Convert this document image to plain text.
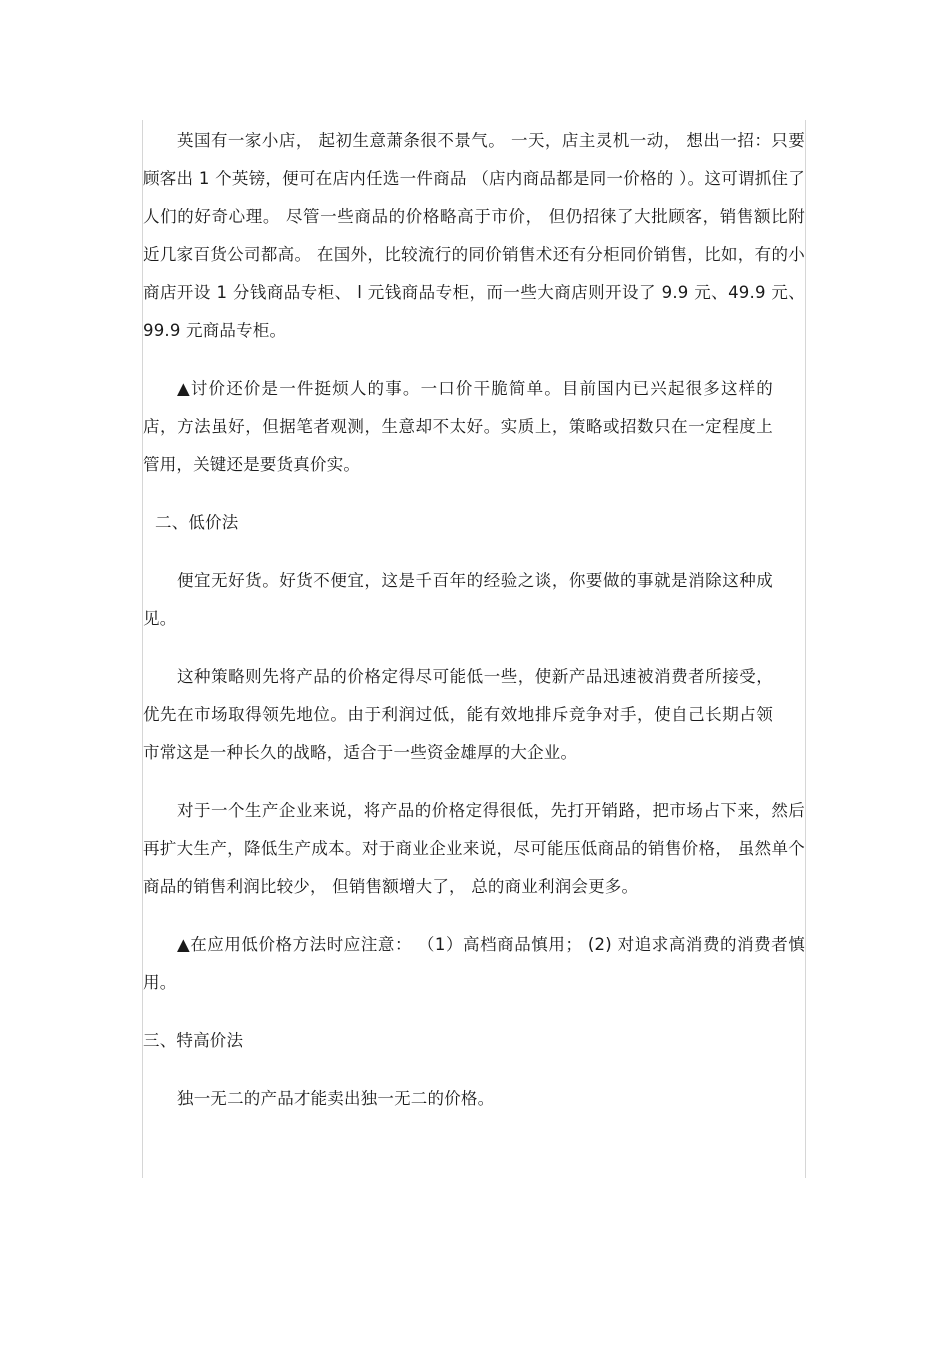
英国有一家小店， 起初生意萧条很不景气。 一天，店主灵机一动， 想出一招：只要顾客出 1 个英镑，便可在店内任选一件商品 （店内商品都是同一价格的 ）。这可谓抓住了人们的好奇心理。 尽管一些商品的价格略高于市价， 但仍招徕了大批顾客，销售额比附近几家百货公司都高。 在国外，比较流行的同价销售术还有分柜同价销售，比如，有的小商店开设 1 分钱商品专柜、 l 元钱商品专柜，而一些大商店则开设了 9.9 元、49.9 元、99.9 元商品专柜。

▲讨价还价是一件挺烦人的事。一口价干脆简单。目前国内已兴起很多这样的店，方法虽好，但据笔者观测，生意却不太好。实质上，策略或招数只在一定程度上管用，关键还是要货真价实。

二、低价法

便宜无好货。好货不便宜，这是千百年的经验之谈，你要做的事就是消除这种成见。

这种策略则先将产品的价格定得尽可能低一些，使新产品迅速被消费者所接受，优先在市场取得领先地位。由于利润过低，能有效地排斥竞争对手，使自己长期占领市常这是一种长久的战略，适合于一些资金雄厚的大企业。

对于一个生产企业来说，将产品的价格定得很低，先打开销路，把市场占下来，然后再扩大生产，降低生产成本。对于商业企业来说，尽可能压低商品的销售价格， 虽然单个商品的销售利润比较少， 但销售额增大了， 总的商业利润会更多。

▲在应用低价格方法时应注意： （1）高档商品慎用； (2) 对追求高消费的消费者慎用。

三、特高价法

独一无二的产品才能卖出独一无二的价格。
